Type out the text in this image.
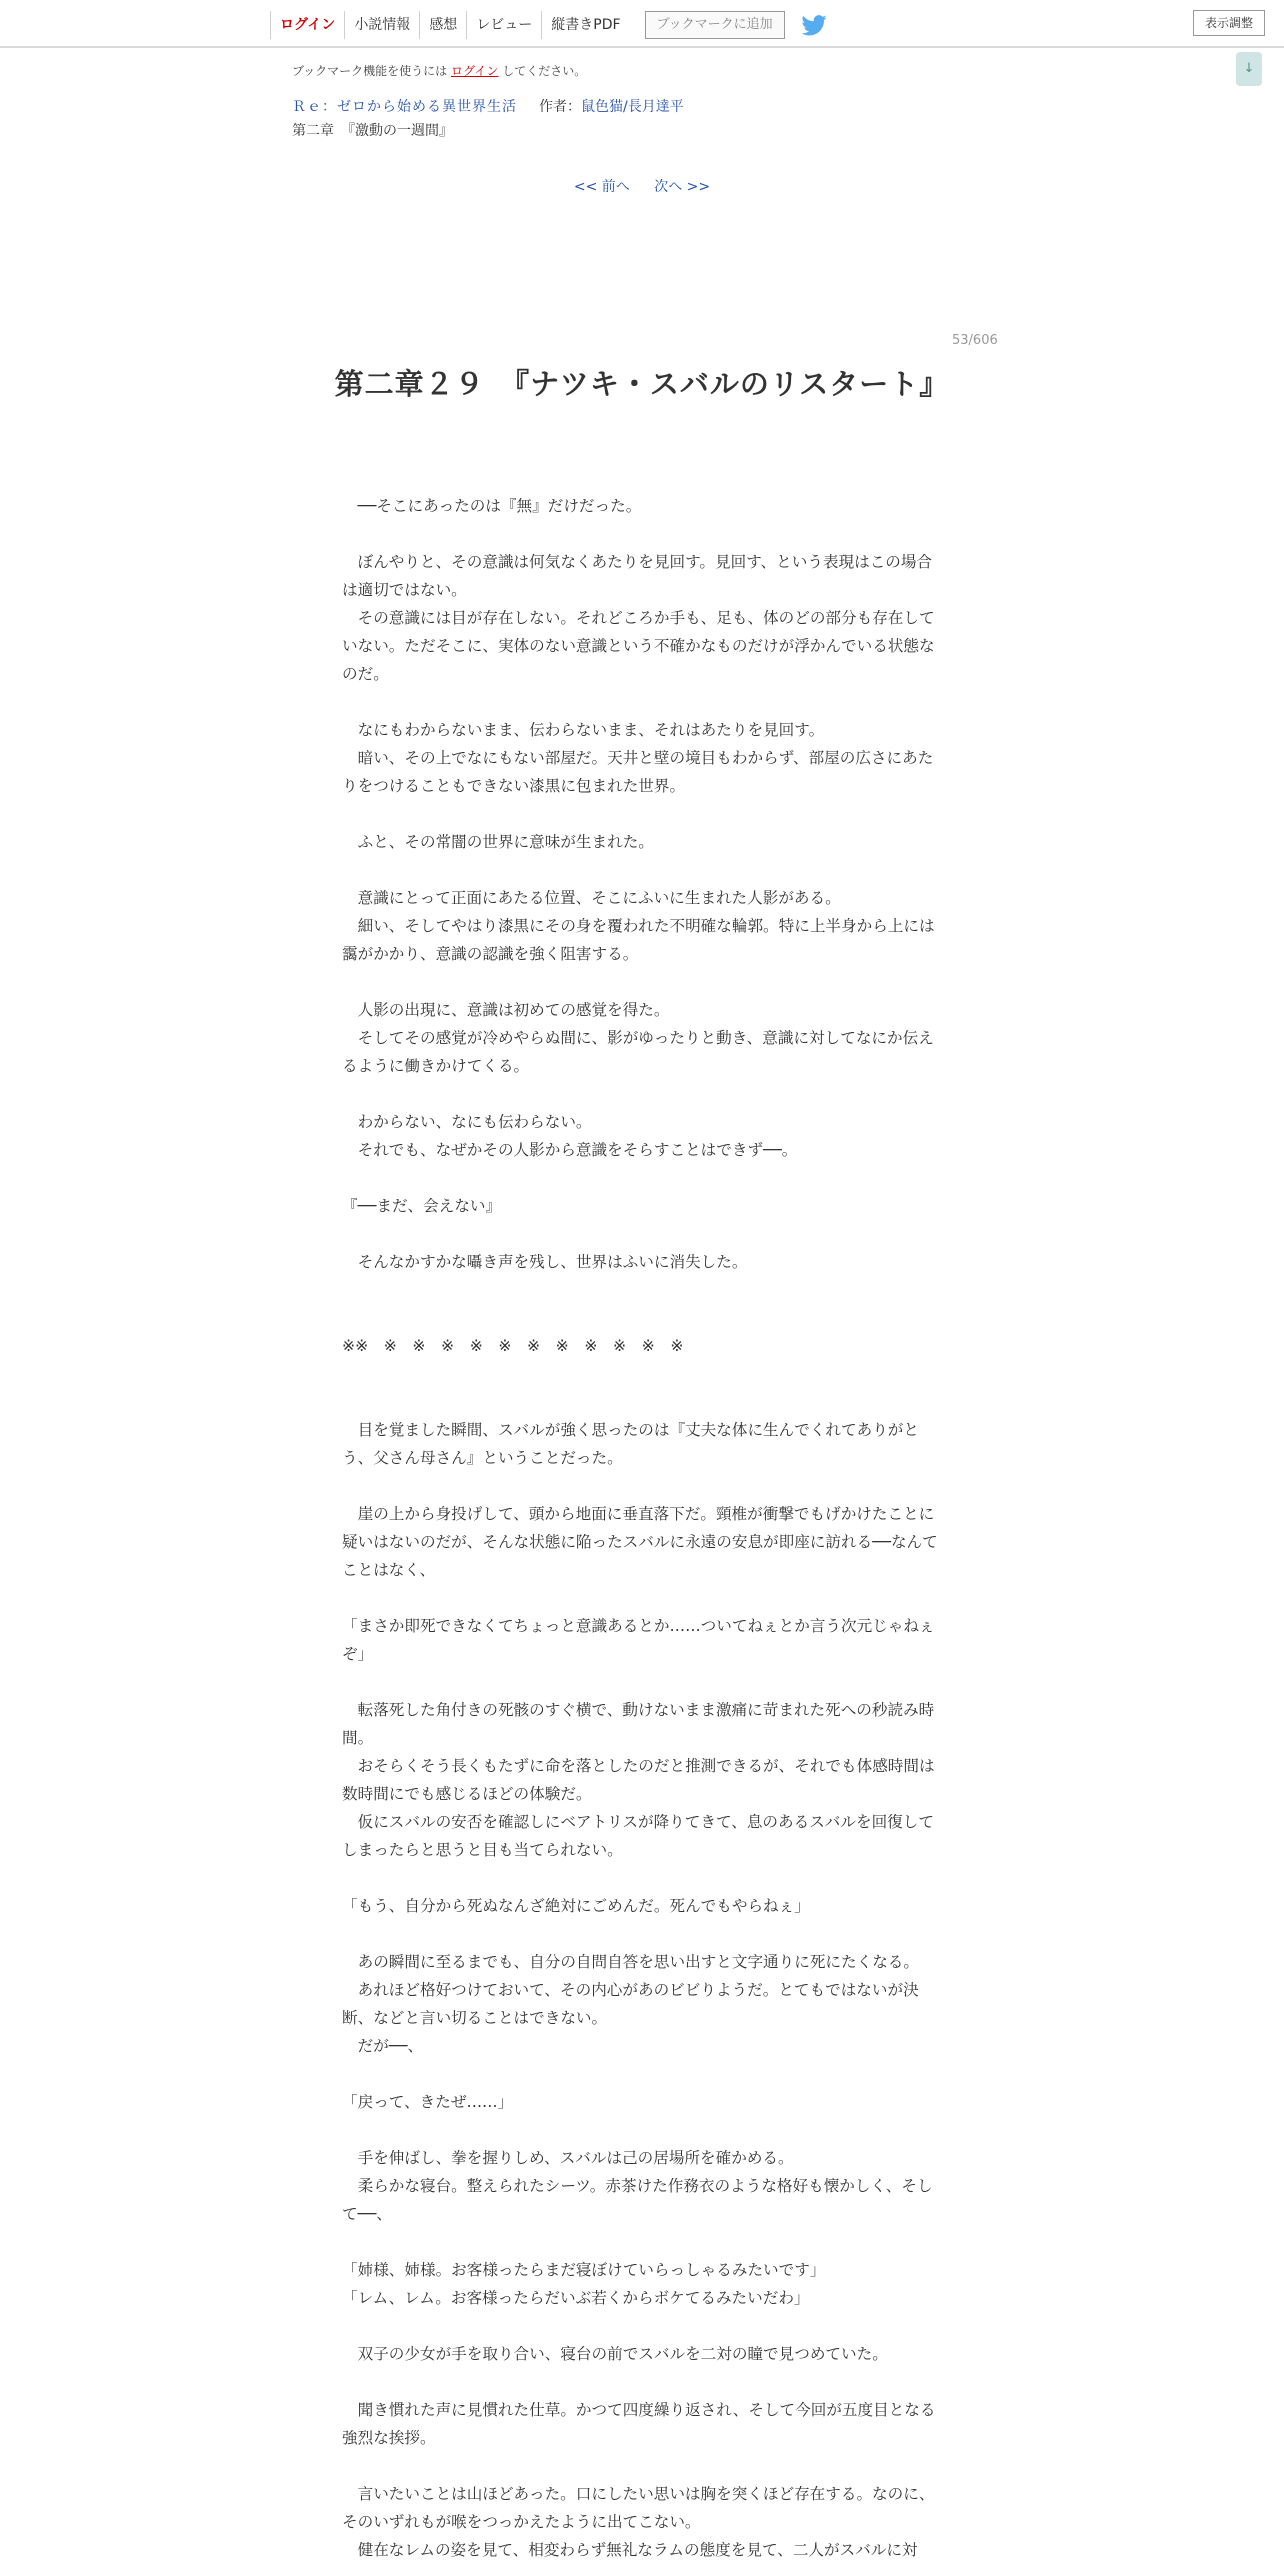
ログイン	小説情報	感想	レビュー	縦書きPDF	ブックマークに追加	表示調整
↓
ブックマーク機能を使うには ログイン してください。
Ｒｅ：ゼロから始める異世界生活 作者：鼠色猫/長月達平
第二章　『激動の一週間』
<< 前へ 次へ >>
53/606
第二章２９　『ナツキ・スバルのリスタート』

　──そこにあったのは『無』だけだった。

　ぼんやりと、その意識は何気なくあたりを見回す。見回す、という表現はこの場合は適切ではない。

　その意識には目が存在しない。それどころか手も、足も、体のどの部分も存在していない。ただそこに、実体のない意識という不確かなものだけが浮かんでいる状態なのだ。

　なにもわからないまま、伝わらないまま、それはあたりを見回す。

　暗い、その上でなにもない部屋だ。天井と壁の境目もわからず、部屋の広さにあたりをつけることもできない漆黒に包まれた世界。

　ふと、その常闇の世界に意味が生まれた。

　意識にとって正面にあたる位置、そこにふいに生まれた人影がある。

　細い、そしてやはり漆黒にその身を覆われた不明確な輪郭。特に上半身から上には靄がかかり、意識の認識を強く阻害する。

　人影の出現に、意識は初めての感覚を得た。

　そしてその感覚が冷めやらぬ間に、影がゆったりと動き、意識に対してなにか伝えるように働きかけてくる。

　わからない、なにも伝わらない。

　それでも、なぜかその人影から意識をそらすことはできず──。

『──まだ、会えない』

　そんなかすかな囁き声を残し、世界はふいに消失した。

※※　※　※　※　※　※　※　※　※　※　※　※

　目を覚ました瞬間、スバルが強く思ったのは『丈夫な体に生んでくれてありがとう、父さん母さん』ということだった。

　崖の上から身投げして、頭から地面に垂直落下だ。頸椎が衝撃でもげかけたことに疑いはないのだが、そんな状態に陥ったスバルに永遠の安息が即座に訪れる──なんてことはなく、

「まさか即死できなくてちょっと意識あるとか……ついてねぇとか言う次元じゃねぇぞ」

　転落死した角付きの死骸のすぐ横で、動けないまま激痛に苛まれた死への秒読み時間。

　おそらくそう長くもたずに命を落としたのだと推測できるが、それでも体感時間は数時間にでも感じるほどの体験だ。

　仮にスバルの安否を確認しにベアトリスが降りてきて、息のあるスバルを回復してしまったらと思うと目も当てられない。

「もう、自分から死ぬなんざ絶対にごめんだ。死んでもやらねぇ」

　あの瞬間に至るまでも、自分の自問自答を思い出すと文字通りに死にたくなる。

　あれほど格好つけておいて、その内心があのビビりようだ。とてもではないが決断、などと言い切ることはできない。

　だが──、

「戻って、きたぜ……」

　手を伸ばし、拳を握りしめ、スバルは己の居場所を確かめる。

　柔らかな寝台。整えられたシーツ。赤茶けた作務衣のような格好も懐かしく、そして──、

「姉様、姉様。お客様ったらまだ寝ぼけていらっしゃるみたいです」

「レム、レム。お客様ったらだいぶ若くからボケてるみたいだわ」

　双子の少女が手を取り合い、寝台の前でスバルを二対の瞳で見つめていた。

　聞き慣れた声に見慣れた仕草。かつて四度繰り返され、そして今回が五度目となる強烈な挨拶。

　言いたいことは山ほどあった。口にしたい思いは胸を突くほど存在する。なのに、そのいずれもが喉をつっかえたように出てこない。

　健在なレムの姿を見て、相変わらず無礼なラムの態度を見て、二人がスバルに対
